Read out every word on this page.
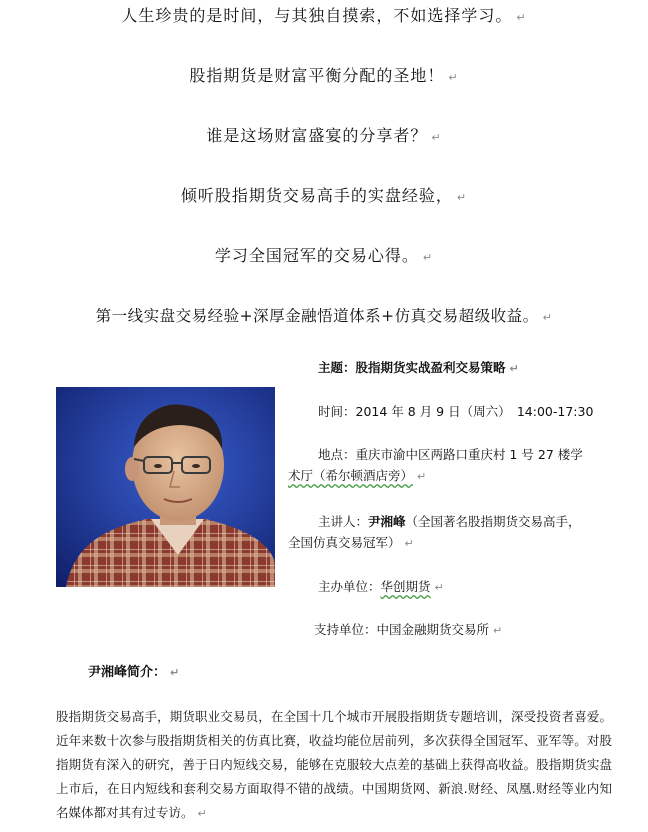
人生珍贵的是时间，与其独自摸索，不如选择学习。 ↵
股指期货是财富平衡分配的圣地！ ↵
谁是这场财富盛宴的分享者？ ↵
倾听股指期货交易高手的实盘经验， ↵
学习全国冠军的交易心得。 ↵
第一线实盘交易经验+深厚金融悟道体系+仿真交易超级收益。 ↵
主题：股指期货实战盈利交易策略 ↵
时间：2014 年 8 月 9 日（周六）　14:00-17:30
地点：重庆市渝中区两路口重庆村 1 号 27 楼学
术厅（希尔顿酒店旁） ↵
主讲人：尹湘峰（全国著名股指期货交易高手，
全国仿真交易冠军） ↵
主办单位：华创期货 ↵
支持单位：中国金融期货交易所 ↵
尹湘峰简介： ↵
股指期货交易高手，期货职业交易员，在全国十几个城市开展股指期货专题培训，深受投资者喜爱。近年来数十次参与股指期货相关的仿真比赛，收益均能位居前列，多次获得全国冠军、亚军等。对股指期货有深入的研究，善于日内短线交易，能够在克服较大点差的基础上获得高收益。股指期货实盘上市后，在日内短线和套利交易方面取得不错的战绩。中国期货网、新浪.财经、凤凰.财经等业内知名媒体都对其有过专访。 ↵
